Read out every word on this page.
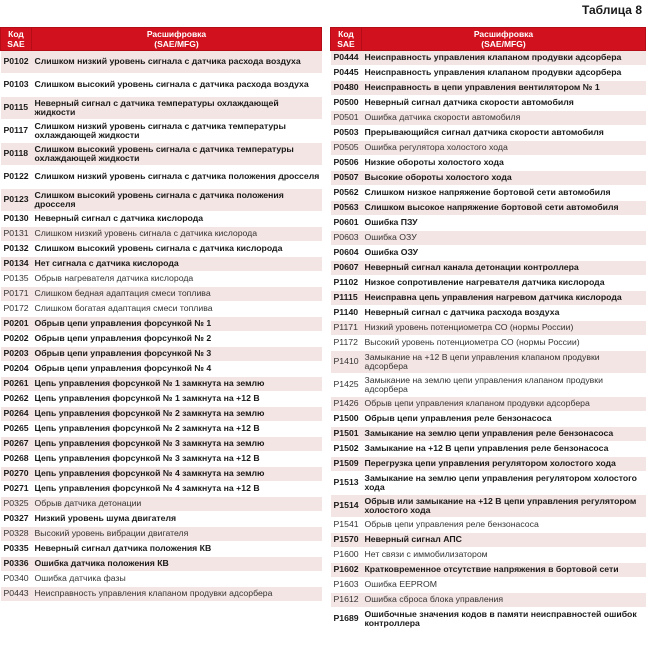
Таблица 8
Код
SAE	Расшифровка
(SAE/MFG)
P0102	Слишком низкий уровень сигнала с датчика расхода воздуха
P0103	Слишком высокий уровень сигнала с датчика расхода воздуха
P0115	Неверный сигнал с датчика температуры охлаждающей жидкости
P0117	Слишком низкий уровень сигнала с датчика температуры охлаждающей жидкости
P0118	Слишком высокий уровень сигнала с датчика температуры охлаждающей жидкости
P0122	Слишком низкий уровень сигнала с датчика положения дросселя
P0123	Слишком высокий уровень сигнала с датчика положения дросселя
P0130	Неверный сигнал с датчика кислорода
P0131	Слишком низкий уровень сигнала с датчика кислорода
P0132	Слишком высокий уровень сигнала с датчика кислорода
P0134	Нет сигнала с датчика кислорода
P0135	Обрыв нагревателя датчика кислорода
P0171	Слишком бедная адаптация смеси топлива
P0172	Слишком богатая адаптация смеси топлива
P0201	Обрыв цепи управления форсункой № 1
P0202	Обрыв цепи управления форсункой № 2
P0203	Обрыв цепи управления форсункой № 3
P0204	Обрыв цепи управления форсункой № 4
P0261	Цепь управления форсункой № 1 замкнута на землю
P0262	Цепь управления форсункой № 1 замкнута на +12 В
P0264	Цепь управления форсункой № 2 замкнута на землю
P0265	Цепь управления форсункой № 2 замкнута на +12 В
P0267	Цепь управления форсункой № 3 замкнута на землю
P0268	Цепь управления форсункой № 3 замкнута на +12 В
P0270	Цепь управления форсункой № 4 замкнута на землю
P0271	Цепь управления форсункой № 4 замкнута на +12 В
P0325	Обрыв датчика детонации
P0327	Низкий уровень шума двигателя
P0328	Высокий уровень вибрации двигателя
P0335	Неверный сигнал датчика положения КВ
P0336	Ошибка датчика положения КВ
P0340	Ошибка датчика фазы
P0443	Неисправность управления клапаном продувки адсорбера
Код
SAE	Расшифровка
(SAE/MFG)
P0444	Неисправность управления клапаном продувки адсорбера
P0445	Неисправность управления клапаном продувки адсорбера
P0480	Неисправность в цепи управления вентилятором № 1
P0500	Неверный сигнал датчика скорости автомобиля
P0501	Ошибка датчика скорости автомобиля
P0503	Прерывающийся сигнал датчика скорости автомобиля
P0505	Ошибка регулятора холостого хода
P0506	Низкие обороты холостого хода
P0507	Высокие обороты холостого хода
P0562	Слишком низкое напряжение бортовой сети автомобиля
P0563	Слишком высокое напряжение бортовой сети автомобиля
P0601	Ошибка ПЗУ
P0603	Ошибка ОЗУ
P0604	Ошибка ОЗУ
P0607	Неверный сигнал канала детонации контроллера
P1102	Низкое сопротивление нагревателя датчика кислорода
P1115	Неисправна цепь управления нагревом датчика кислорода
P1140	Неверный сигнал с датчика расхода воздуха
P1171	Низкий уровень потенциометра СО (нормы России)
P1172	Высокий уровень потенциометра СО (нормы России)
P1410	Замыкание на +12 В цепи управления клапаном продувки адсорбера
P1425	Замыкание на землю цепи управления клапаном продувки адсорбера
P1426	Обрыв цепи управления клапаном продувки адсорбера
P1500	Обрыв цепи управления реле бензонасоса
P1501	Замыкание на землю цепи управления реле бензонасоса
P1502	Замыкание на +12 В цепи управления реле бензонасоса
P1509	Перегрузка цепи управления регулятором холостого хода
P1513	Замыкание на землю цепи управления регулятором холостого хода
P1514	Обрыв или замыкание на +12 В цепи управления регулятором холостого хода
P1541	Обрыв цепи управления реле бензонасоса
P1570	Неверный сигнал АПС
P1600	Нет связи с иммобилизатором
P1602	Кратковременное отсутствие напряжения в бортовой сети
P1603	Ошибка EEPROM
P1612	Ошибка сброса блока управления
P1689	Ошибочные значения кодов в памяти неисправностей ошибок контроллера
